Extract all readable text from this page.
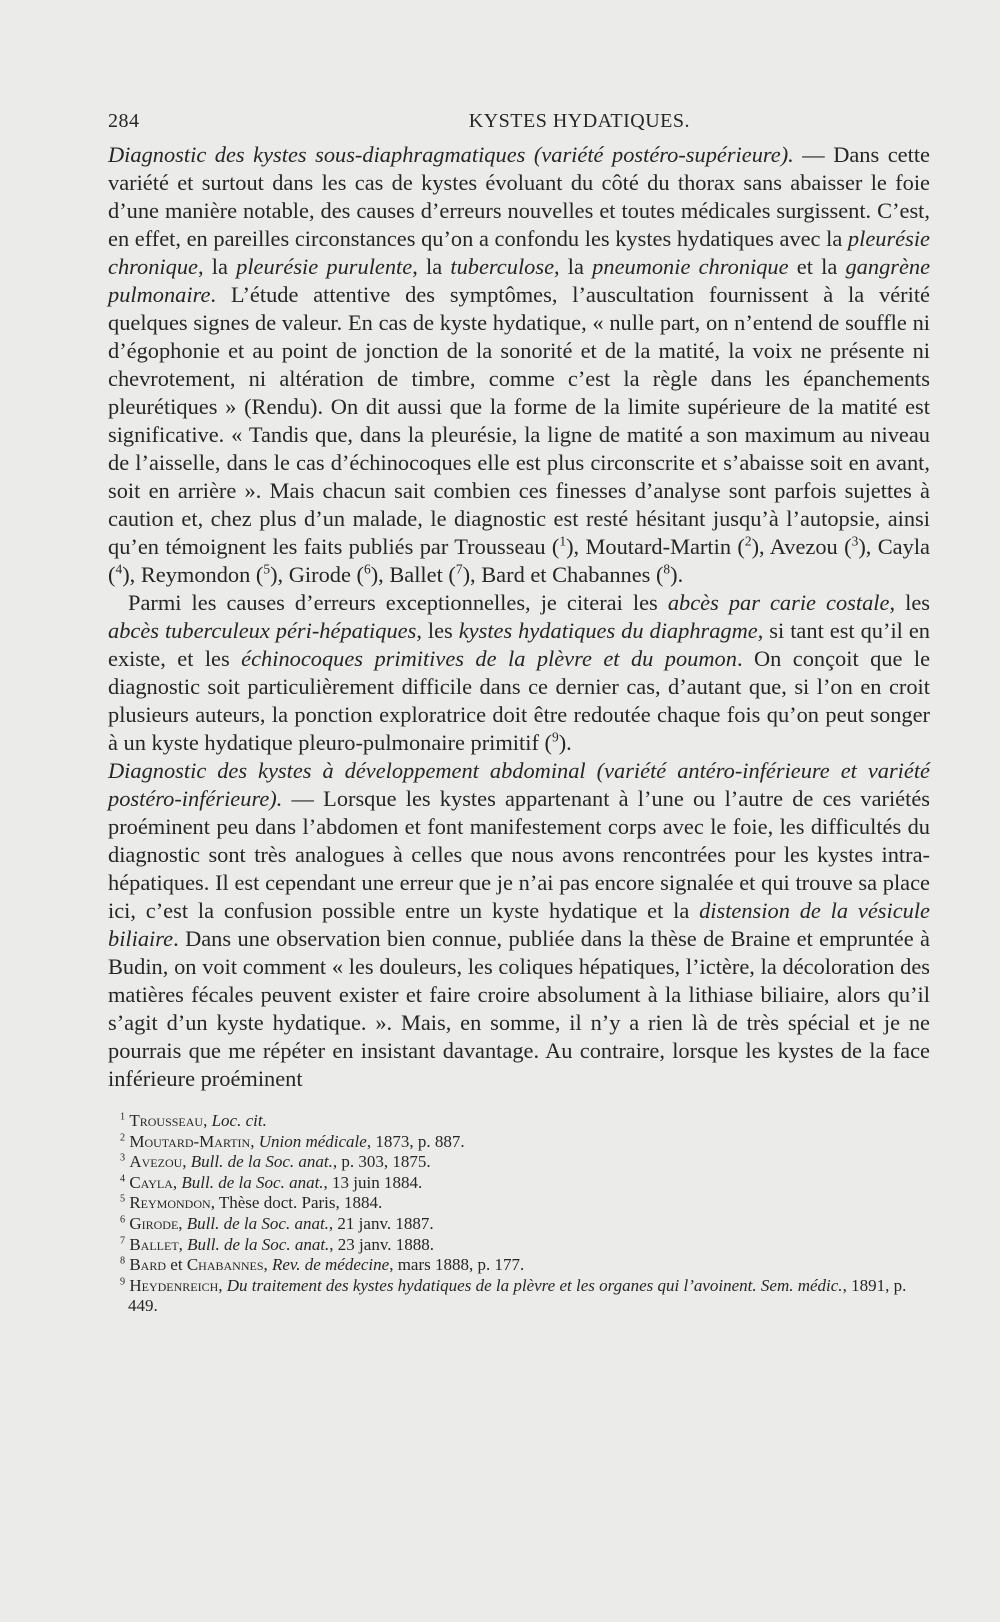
284	KYSTES HYDATIQUES.

Diagnostic des kystes sous-diaphragmatiques (variété postéro-supérieure). — Dans cette variété et surtout dans les cas de kystes évoluant du côté du thorax sans abaisser le foie d’une manière notable, des causes d’erreurs nouvelles et toutes médicales surgissent. C’est, en effet, en pareilles circonstances qu’on a confondu les kystes hydatiques avec la pleurésie chronique, la pleurésie purulente, la tuberculose, la pneumonie chronique et la gangrène pulmonaire. L’étude attentive des symptômes, l’auscultation fournissent à la vérité quelques signes de valeur. En cas de kyste hydatique, « nulle part, on n’entend de souffle ni d’égophonie et au point de jonction de la sonorité et de la matité, la voix ne présente ni chevrotement, ni altération de timbre, comme c’est la règle dans les épanchements pleurétiques » (Rendu). On dit aussi que la forme de la limite supérieure de la matité est significative. « Tandis que, dans la pleurésie, la ligne de matité a son maximum au niveau de l’aisselle, dans le cas d’échinocoques elle est plus circonscrite et s’abaisse soit en avant, soit en arrière ». Mais chacun sait combien ces finesses d’analyse sont parfois sujettes à caution et, chez plus d’un malade, le diagnostic est resté hésitant jusqu’à l’autopsie, ainsi qu’en témoignent les faits publiés par Trousseau ($^1$), Moutard-Martin ($^2$), Avezou ($^3$), Cayla ($^4$), Reymondon ($^5$), Girode ($^6$), Ballet ($^7$), Bard et Chabannes ($^8$).

Parmi les causes d’erreurs exceptionnelles, je citerai les abcès par carie costale, les abcès tuberculeux péri-hépatiques, les kystes hydatiques du diaphragme, si tant est qu’il en existe, et les échinocoques primitives de la plèvre et du poumon. On conçoit que le diagnostic soit particulièrement difficile dans ce dernier cas, d’autant que, si l’on en croit plusieurs auteurs, la ponction exploratrice doit être redoutée chaque fois qu’on peut songer à un kyste hydatique pleuro-pulmonaire primitif ($^9$).

Diagnostic des kystes à développement abdominal (variété antéro-inférieure et variété postéro-inférieure). — Lorsque les kystes appartenant à l’une ou l’autre de ces variétés proéminent peu dans l’abdomen et font manifestement corps avec le foie, les difficultés du diagnostic sont très analogues à celles que nous avons rencontrées pour les kystes intra-hépatiques. Il est cependant une erreur que je n’ai pas encore signalée et qui trouve sa place ici, c’est la confusion possible entre un kyste hydatique et la distension de la vésicule biliaire. Dans une observation bien connue, publiée dans la thèse de Braine et empruntée à Budin, on voit comment « les douleurs, les coliques hépatiques, l’ictère, la décoloration des matières fécales peuvent exister et faire croire absolument à la lithiase biliaire, alors qu’il s’agit d’un kyste hydatique. ». Mais, en somme, il n’y a rien là de très spécial et je ne pourrais que me répéter en insistant davantage. Au contraire, lorsque les kystes de la face inférieure proéminent

$^1$ Trousseau, Loc. cit.
$^2$ Moutard-Martin, Union médicale, 1873, p. 887.
$^3$ Avezou, Bull. de la Soc. anat., p. 303, 1875.
$^4$ Cayla, Bull. de la Soc. anat., 13 juin 1884.
$^5$ Reymondon, Thèse doct. Paris, 1884.
$^6$ Girode, Bull. de la Soc. anat., 21 janv. 1887.
$^7$ Ballet, Bull. de la Soc. anat., 23 janv. 1888.
$^8$ Bard et Chabannes, Rev. de médecine, mars 1888, p. 177.
$^9$ Heydenreich, Du traitement des kystes hydatiques de la plèvre et les organes qui l’avoinent. Sem. médic., 1891, p. 449.
